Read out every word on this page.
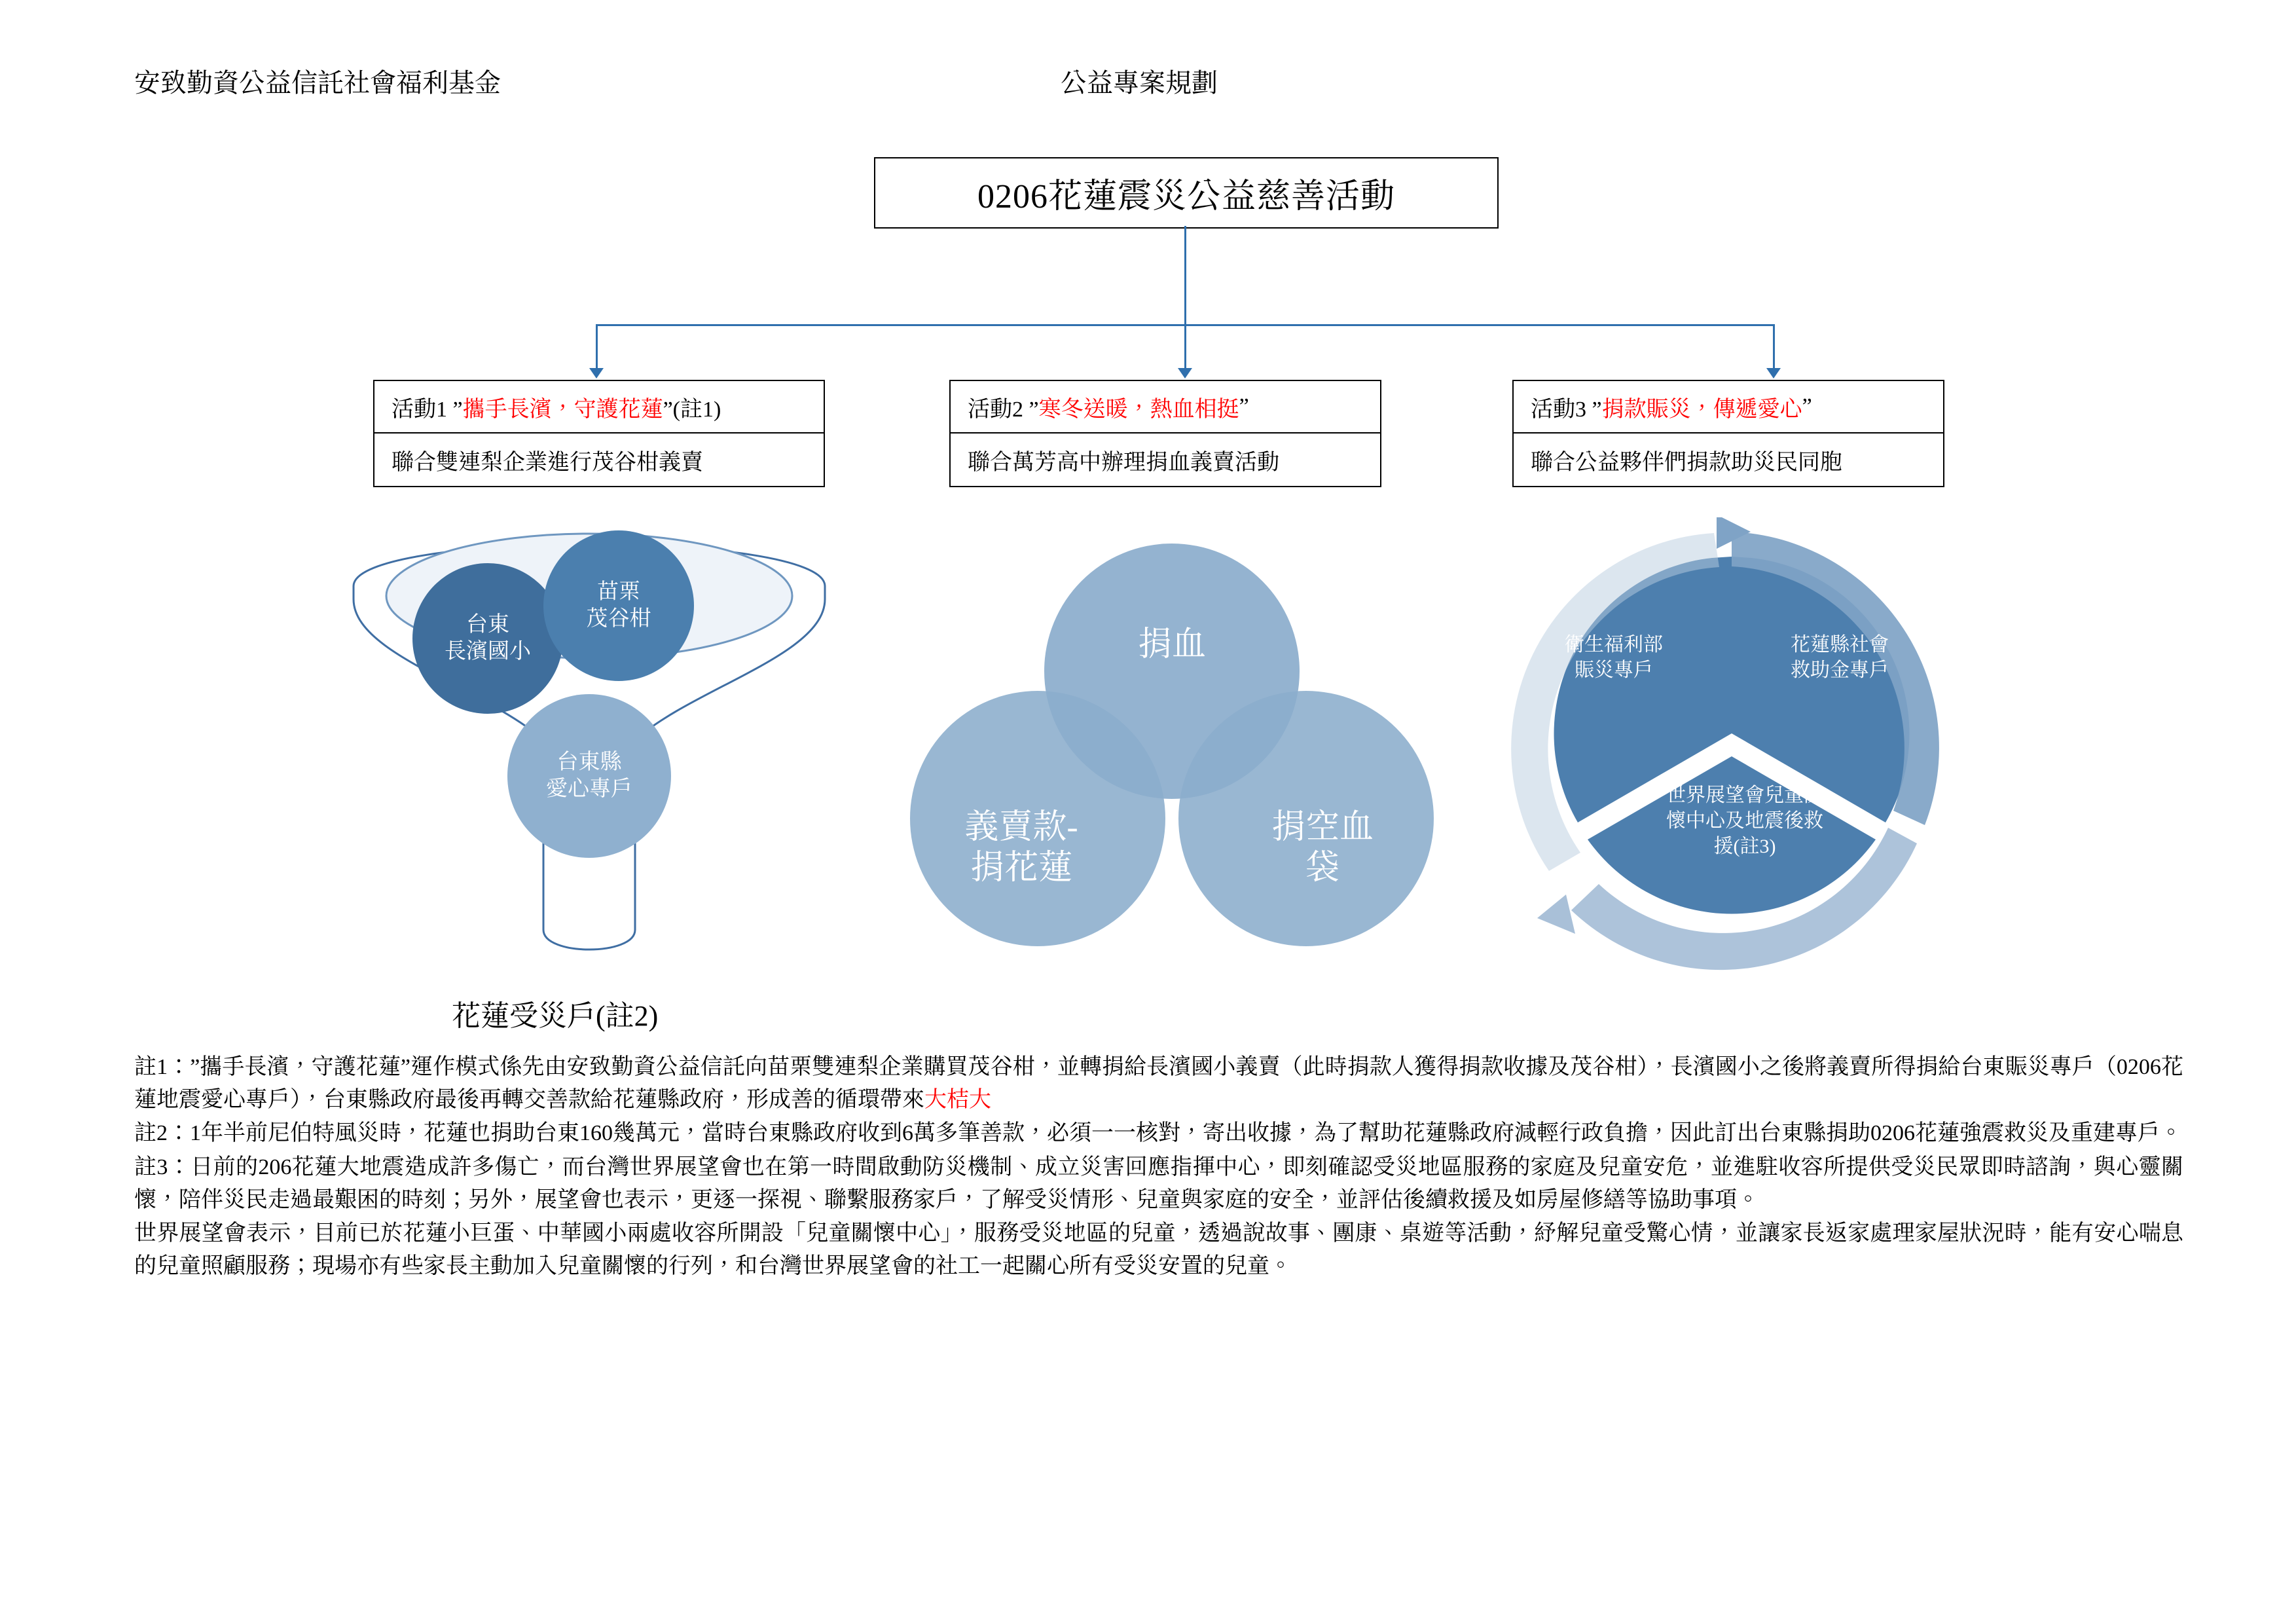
安致勤資公益信託社會福利基金	公益專案規劃
0206花蓮震災公益慈善活動
活動1 ” 攜手長濱，守護花蓮 ”(註1)
聯合雙連梨企業進行茂谷柑義賣
活動2 ” 寒冬送暖，熱血相挺 ”
聯合萬芳高中辦理捐血義賣活動
活動3 ” 捐款賑災，傳遞愛心 ”
聯合公益夥伴們捐款助災民同胞
台東
長濱國小
苗栗
茂谷柑
台東縣
愛心專戶
花蓮受災戶(註2)
捐血
義賣款-
捐花蓮
捐空血
袋
衛生福利部
賑災專戶
花蓮縣社會
救助金專戶
世界展望會兒童關
懷中心及地震後救
援(註3)

註1：”攜手長濱，守護花蓮”運作模式係先由安致勤資公益信託向苗栗雙連梨企業購買茂谷柑，並轉捐給長濱國小義賣（此時捐款人獲得捐款收據及茂谷柑），長濱國小之後將義賣所得捐給台東賑災專戶（0206花蓮地震愛心專戶），台東縣政府最後再轉交善款給花蓮縣政府，形成善的循環帶來大桔大

註2：1年半前尼伯特風災時，花蓮也捐助台東160幾萬元，當時台東縣政府收到6萬多筆善款，必須一一核對，寄出收據，為了幫助花蓮縣政府減輕行政負擔，因此訂出台東縣捐助0206花蓮強震救災及重建專戶。

註3：日前的206花蓮大地震造成許多傷亡，而台灣世界展望會也在第一時間啟動防災機制、成立災害回應指揮中心，即刻確認受災地區服務的家庭及兒童安危，並進駐收容所提供受災民眾即時諮詢，與心靈關懷，陪伴災民走過最艱困的時刻；另外，展望會也表示，更逐一探視、聯繫服務家戶，了解受災情形、兒童與家庭的安全，並評估後續救援及如房屋修繕等協助事項。

世界展望會表示，目前已於花蓮小巨蛋、中華國小兩處收容所開設「兒童關懷中心」，服務受災地區的兒童，透過說故事、團康、桌遊等活動，紓解兒童受驚心情，並讓家長返家處理家屋狀況時，能有安心喘息的兒童照顧服務；現場亦有些家長主動加入兒童關懷的行列，和台灣世界展望會的社工一起關心所有受災安置的兒童。
